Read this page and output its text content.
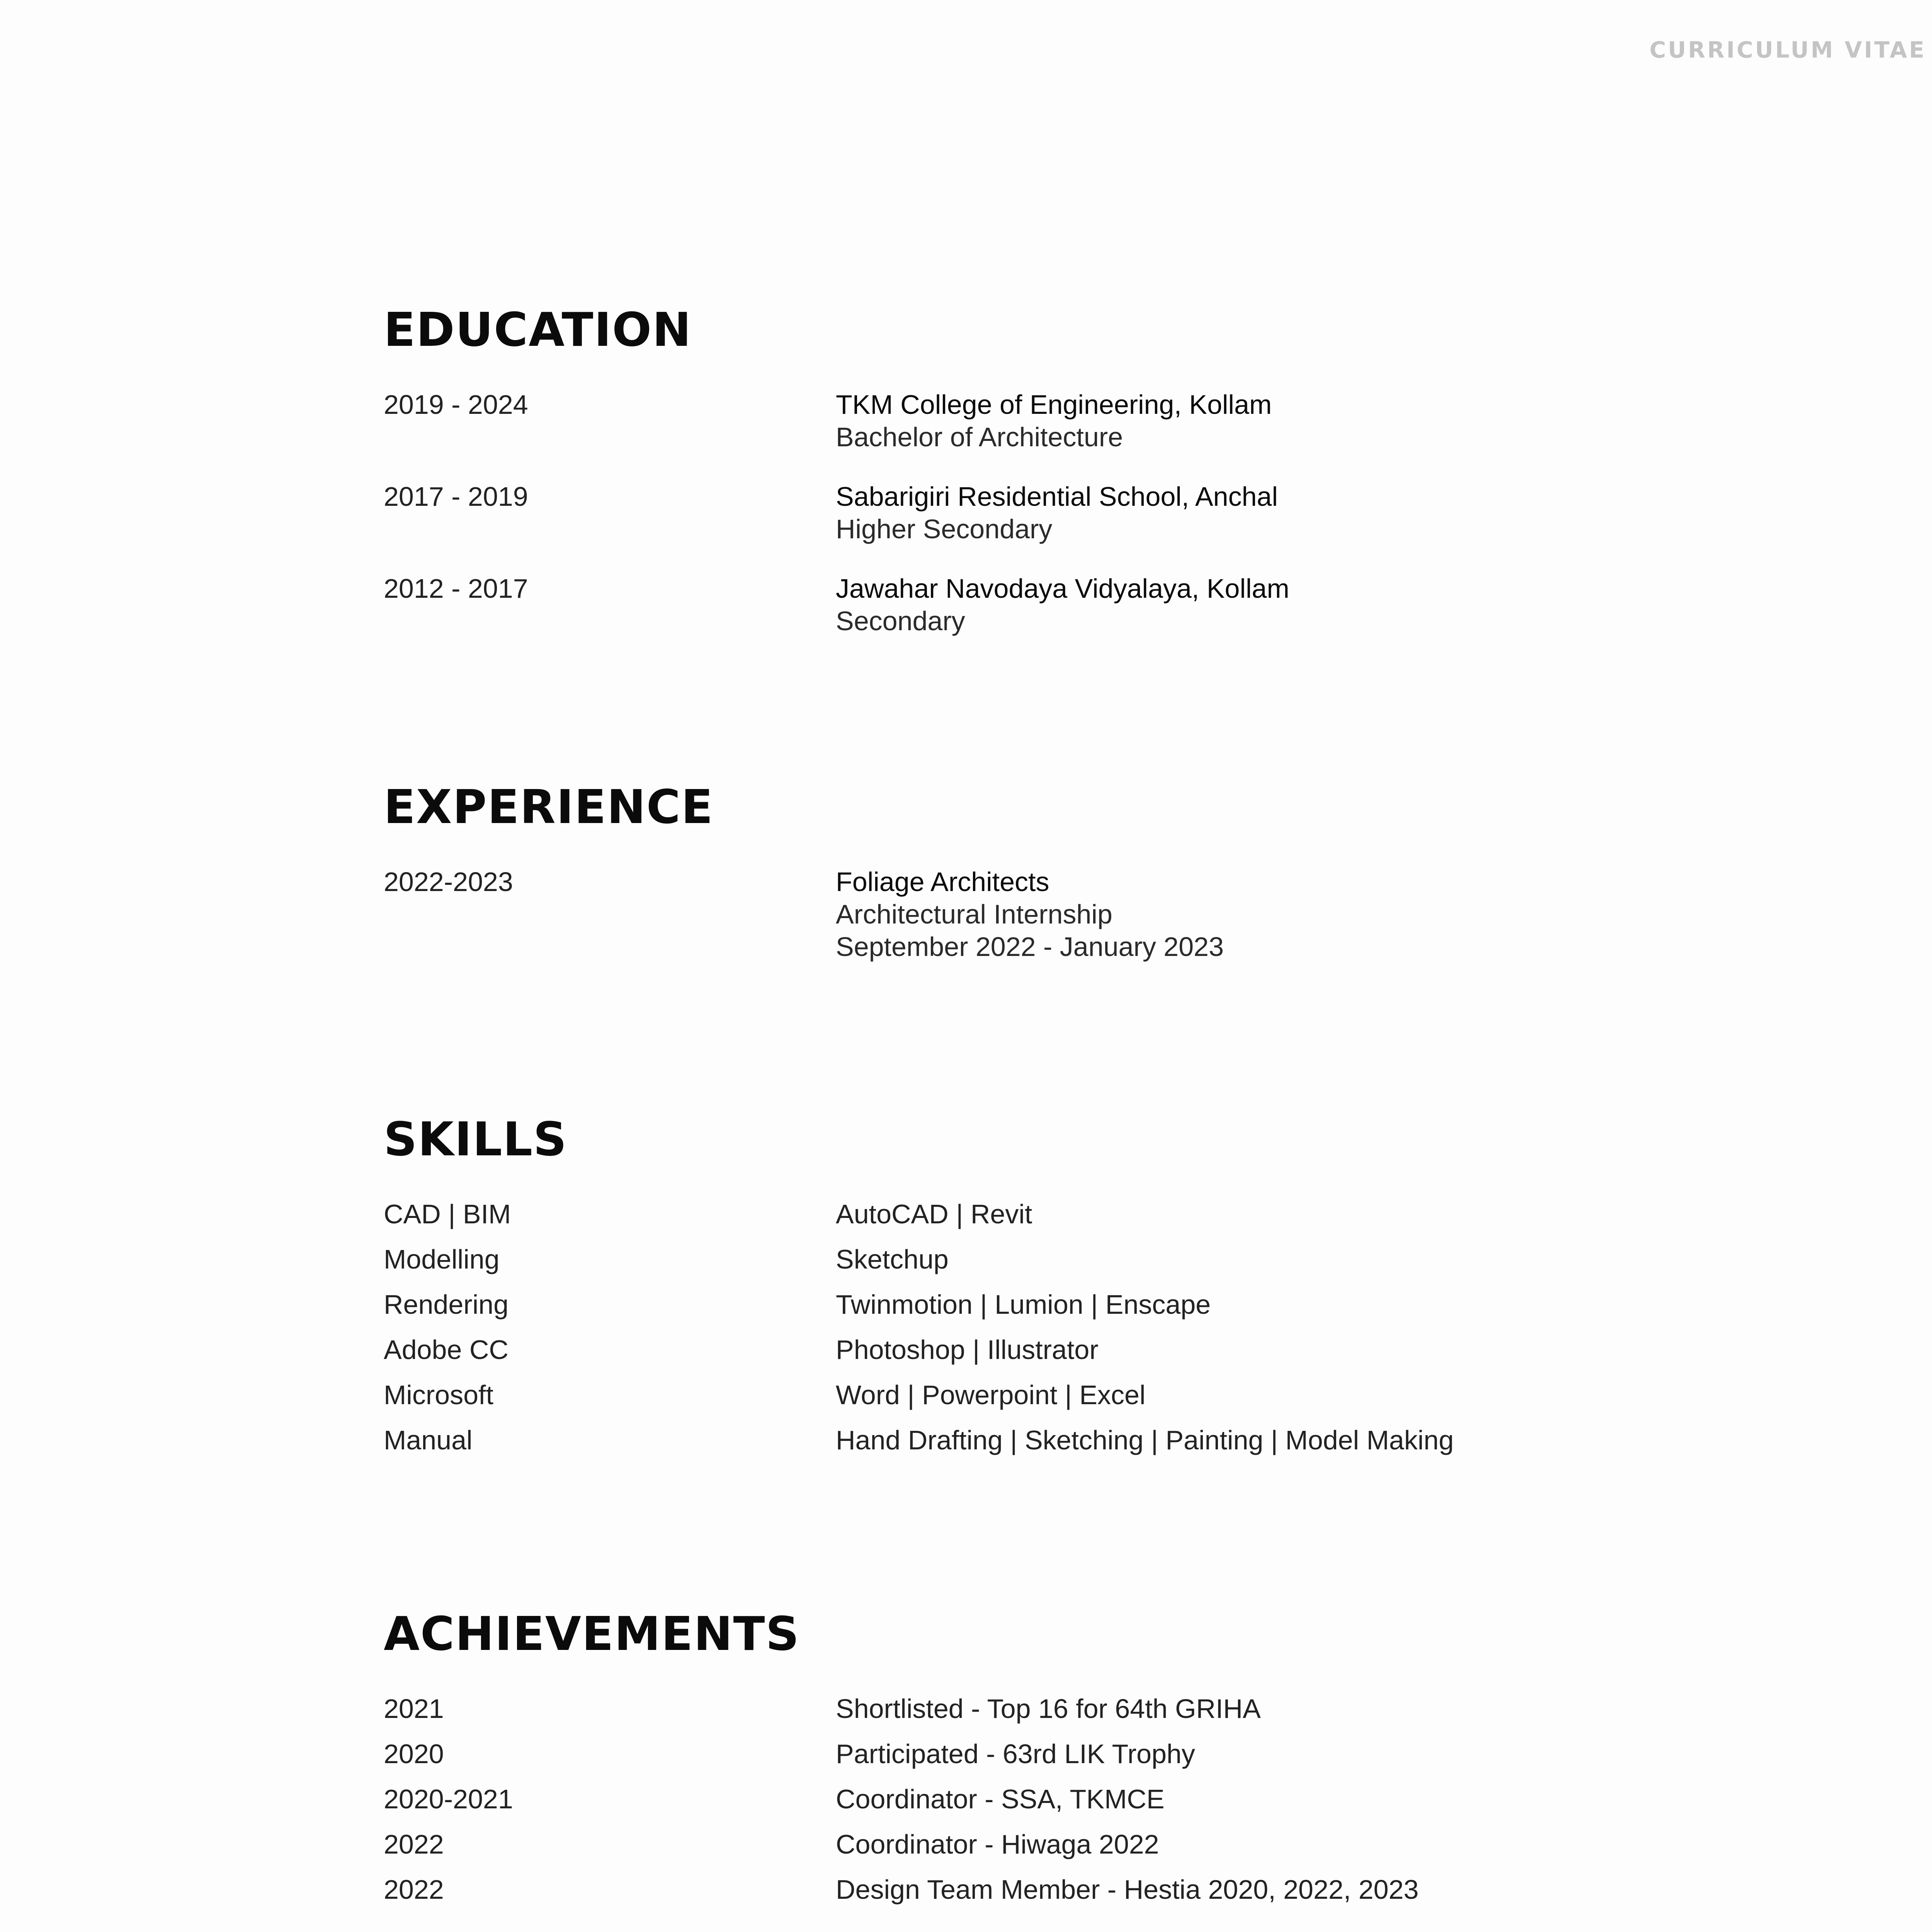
CURRICULUM VITAE
EDUCATION
2019 - 2024	TKM College of Engineering, Kollam
Bachelor of Architecture
2017 - 2019	Sabarigiri Residential School, Anchal
Higher Secondary
2012 - 2017	Jawahar Navodaya Vidyalaya, Kollam
Secondary
EXPERIENCE
2022-2023	Foliage Architects
Architectural Internship
September 2022 - January 2023
SKILLS
CAD | BIM	AutoCAD | Revit
Modelling	Sketchup
Rendering	Twinmotion | Lumion | Enscape
Adobe CC	Photoshop | Illustrator
Microsoft	Word | Powerpoint | Excel
Manual	Hand Drafting | Sketching | Painting | Model Making
ACHIEVEMENTS
2021	Shortlisted - Top 16 for 64th GRIHA
2020	Participated - 63rd LIK Trophy
2020-2021	Coordinator - SSA, TKMCE
2022	Coordinator - Hiwaga 2022
2022	Design Team Member - Hestia 2020, 2022, 2023
